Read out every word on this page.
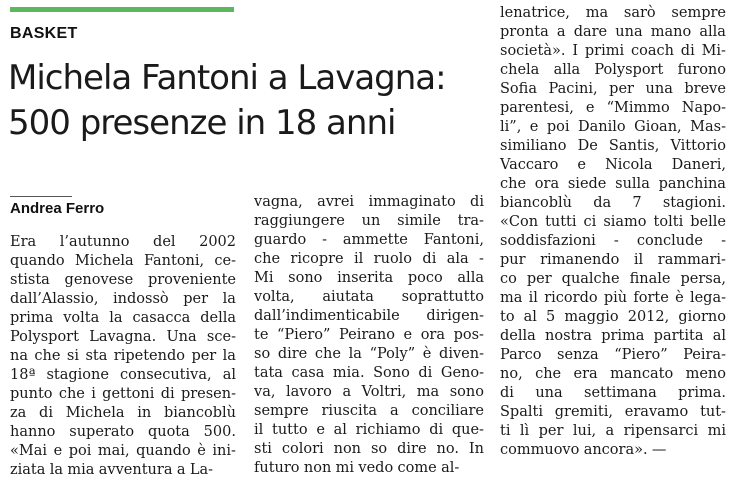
BASKET
Michela Fantoni a Lavagna:
500 presenze in 18 anni
Andrea Ferro
Era l’autunno del 2002
quando Michela Fantoni, ce-
stista genovese proveniente
dall’Alassio, indossò per la
prima volta la casacca della
Polysport Lavagna. Una sce-
na che si sta ripetendo per la
18ª stagione consecutiva, al
punto che i gettoni di presen-
za di Michela in biancoblù
hanno superato quota 500.
«Mai e poi mai, quando è ini-
ziata la mia avventura a La-
vagna, avrei immaginato di
raggiungere un simile tra-
guardo - ammette Fantoni,
che ricopre il ruolo di ala -
Mi sono inserita poco alla
volta, aiutata soprattutto
dall’indimenticabile dirigen-
te “Piero” Peirano e ora pos-
so dire che la “Poly” è diven-
tata casa mia. Sono di Geno-
va, lavoro a Voltri, ma sono
sempre riuscita a conciliare
il tutto e al richiamo di que-
sti colori non so dire no. In
futuro non mi vedo come al-
lenatrice, ma sarò sempre
pronta a dare una mano alla
società». I primi coach di Mi-
chela alla Polysport furono
Sofia Pacini, per una breve
parentesi, e “Mimmo Napo-
li”, e poi Danilo Gioan, Mas-
similiano De Santis, Vittorio
Vaccaro e Nicola Daneri,
che ora siede sulla panchina
biancoblù da 7 stagioni.
«Con tutti ci siamo tolti belle
soddisfazioni - conclude -
pur rimanendo il rammari-
co per qualche finale persa,
ma il ricordo più forte è lega-
to al 5 maggio 2012, giorno
della nostra prima partita al
Parco senza “Piero” Peira-
no, che era mancato meno
di una settimana prima.
Spalti gremiti, eravamo tut-
ti lì per lui, a ripensarci mi
commuovo ancora». —
